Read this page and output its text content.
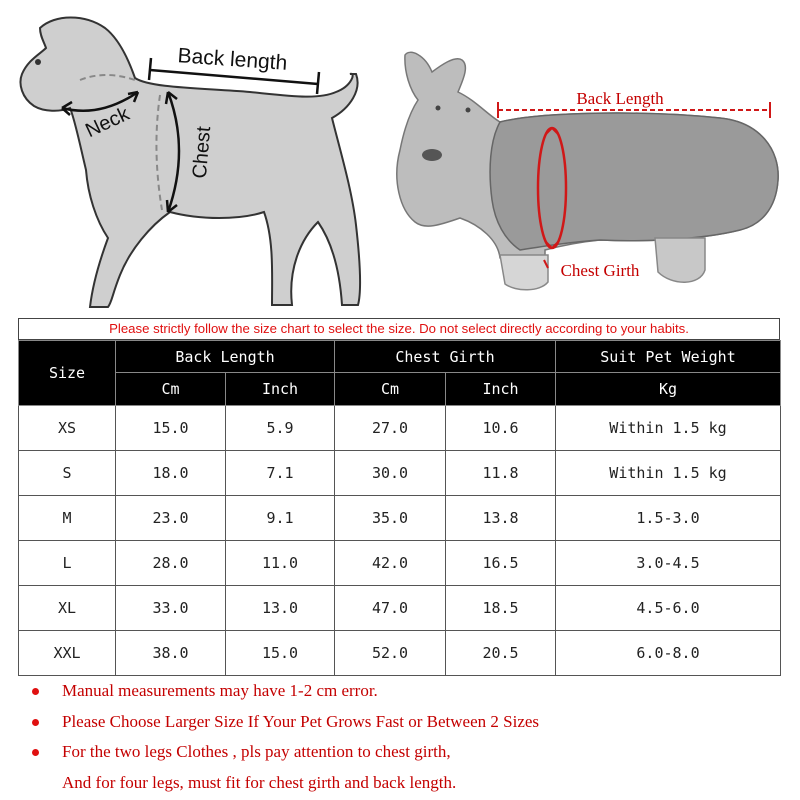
Back length
Neck
Chest
Back Length
Chest Girth
Please strictly follow the size chart to select the size. Do not select directly according to your habits.
Size	Back Length		Chest Girth		Suit Pet Weight
	Cm	Inch	Cm	Inch	Kg
XS	15.0	5.9	27.0	10.6	Within 1.5 kg
S	18.0	7.1	30.0	11.8	Within 1.5 kg
M	23.0	9.1	35.0	13.8	1.5-3.0
L	28.0	11.0	42.0	16.5	3.0-4.5
XL	33.0	13.0	47.0	18.5	4.5-6.0
XXL	38.0	15.0	52.0	20.5	6.0-8.0
Manual measurements may have 1-2 cm error.
Please Choose Larger Size If Your Pet Grows Fast or Between 2 Sizes
For the two legs Clothes , pls pay attention to chest girth,
And for four legs, must fit for chest girth and back length.
